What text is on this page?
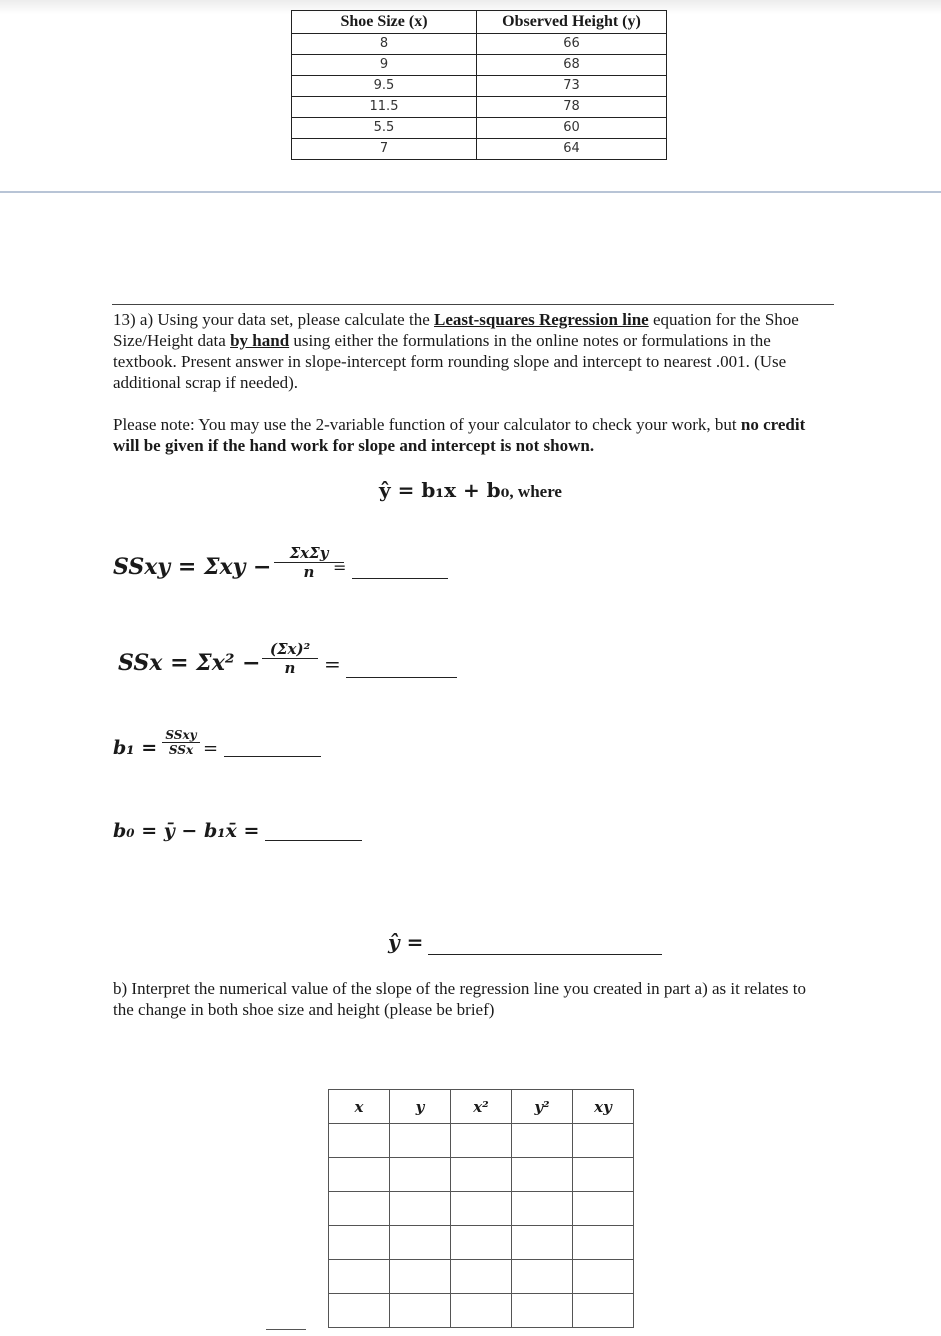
Shoe Size (x)	Observed Height (y)
8	66
9	68
9.5	73
11.5	78
5.5	60
7	64

13) a) Using your data set, please calculate the Least-squares Regression line equation for the Shoe Size/Height data by hand using either the formulations in the online notes or formulations in the textbook. Present answer in slope-intercept form rounding slope and intercept to nearest .001. (Use additional scrap if needed).

Please note: You may use the 2-variable function of your calculator to check your work, but no credit will be given if the hand work for slope and intercept is not shown.

ŷ = b₁x + b₀, where
SSxy = Σxy −
ΣxΣy
n	=
SSx = $\Sigma x^2 - \frac{\text{(Σx)²}}{n}$ =
b₁ =
SSxy
SSx =
b₀ = ȳ − b₁x̄ =
ŷ =

b) Interpret the numerical value of the slope of the regression line you created in part a) as it relates to the change in both shoe size and height (please be brief)

x	y	x²	y²	xy
